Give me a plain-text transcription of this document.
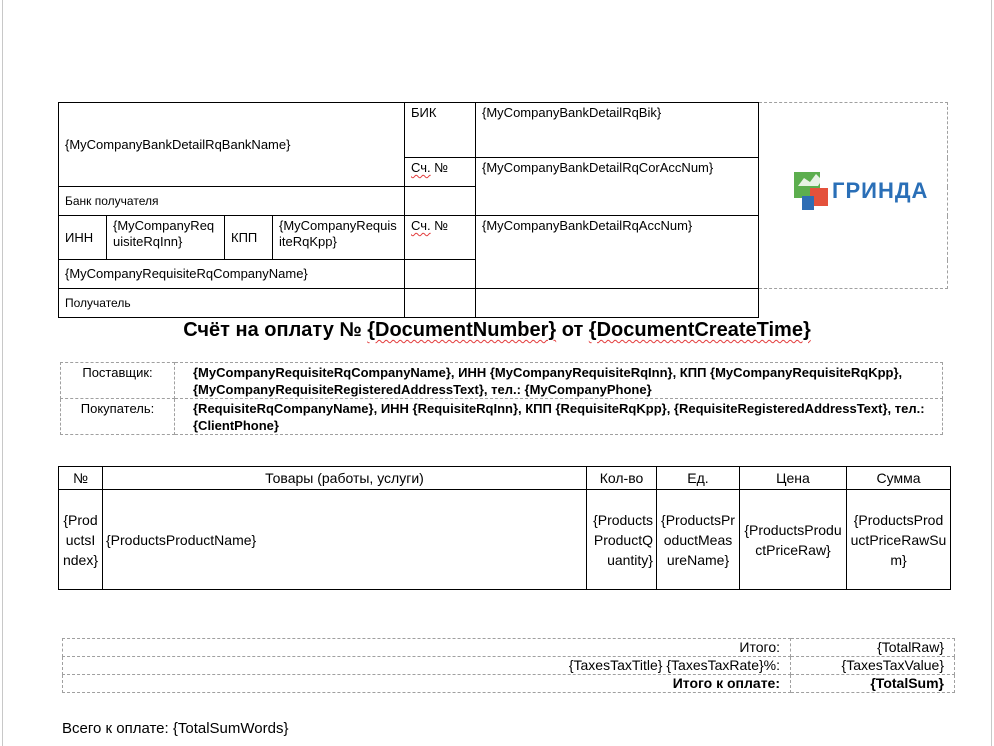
{MyCompanyBankDetailRqBankName}				БИК	{MyCompanyBankDetailRqBik}	ГРИНДА

				Сч. №	{MyCompanyBankDetailRqCorAccNum}	
Банк получателя						
ИНН	{MyCompanyRequisiteRqInn}	КПП	{MyCompanyRequisiteRqKpp}	Сч. №	{MyCompanyBankDetailRqAccNum}	
{MyCompanyRequisiteRqCompanyName}						
Получатель						
Счёт на оплату № {DocumentNumber} от {DocumentCreateTime}
Поставщик:	{MyCompanyRequisiteRqCompanyName}, ИНН {MyCompanyRequisiteRqInn}, КПП {MyCompanyRequisiteRqKpp}, {MyCompanyRequisiteRegisteredAddressText}, тел.: {MyCompanyPhone}
Покупатель:	{RequisiteRqCompanyName}, ИНН {RequisiteRqInn}, КПП {RequisiteRqKpp}, {RequisiteRegisteredAddressText}, тел.: {ClientPhone}
№	Товары (работы, услуги)	Кол-во	Ед.	Цена	Сумма
{ProductsIndex}	{ProductsProductName}	{ProductsProductQuantity}	{ProductsProductMeasureName}	{ProductsProductPriceRaw}	{ProductsProductPriceRawSum}
Итого:	{TotalRaw}
{TaxesTaxTitle} {TaxesTaxRate}%:	{TaxesTaxValue}
Итого к оплате:	{TotalSum}
Всего к оплате: {TotalSumWords}
